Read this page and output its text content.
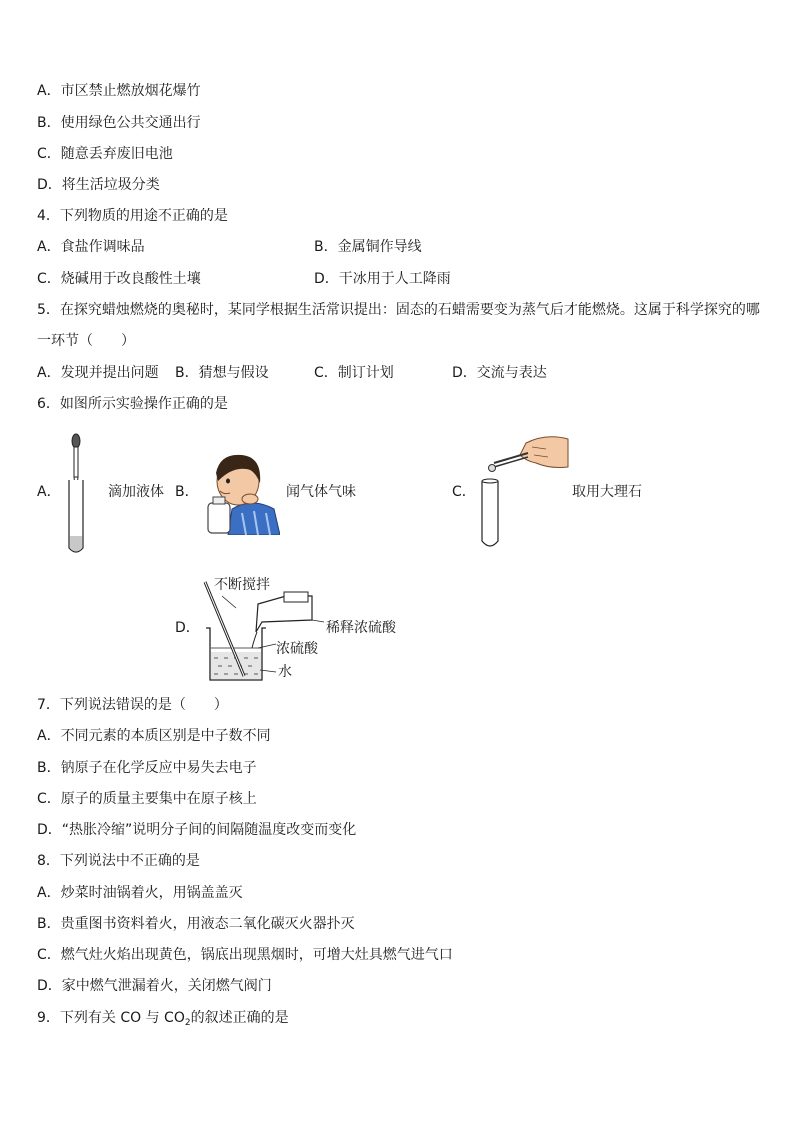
A．市区禁止燃放烟花爆竹
B．使用绿色公共交通出行
C．随意丢弃废旧电池
D．将生活垃圾分类
4．下列物质的用途不正确的是
A．食盐作调味品	B．金属铜作导线
C．烧碱用于改良酸性土壤	D．干冰用于人工降雨
5．在探究蜡烛燃烧的奥秘时，某同学根据生活常识提出：固态的石蜡需要变为蒸气后才能燃烧。这属于科学探究的哪
一环节（　　）
A．发现并提出问题 B．猜想与假设	C．制订计划	D．交流与表达
6．如图所示实验操作正确的是
A．	滴加液体 B．	闻气体气味	C．	取用大理石
D．
不断搅拌
稀释浓硫酸
浓硫酸
水
7．下列说法错误的是（　　）
A．不同元素的本质区别是中子数不同
B．钠原子在化学反应中易失去电子
C．原子的质量主要集中在原子核上
D．“热胀冷缩”说明分子间的间隔随温度改变而变化
8．下列说法中不正确的是
A．炒菜时油锅着火，用锅盖盖灭
B．贵重图书资料着火，用液态二氧化碳灭火器扑灭
C．燃气灶火焰出现黄色，锅底出现黑烟时，可增大灶具燃气进气口
D．家中燃气泄漏着火，关闭燃气阀门
9．下列有关 CO 与 $CO_2$的叙述正确的是
